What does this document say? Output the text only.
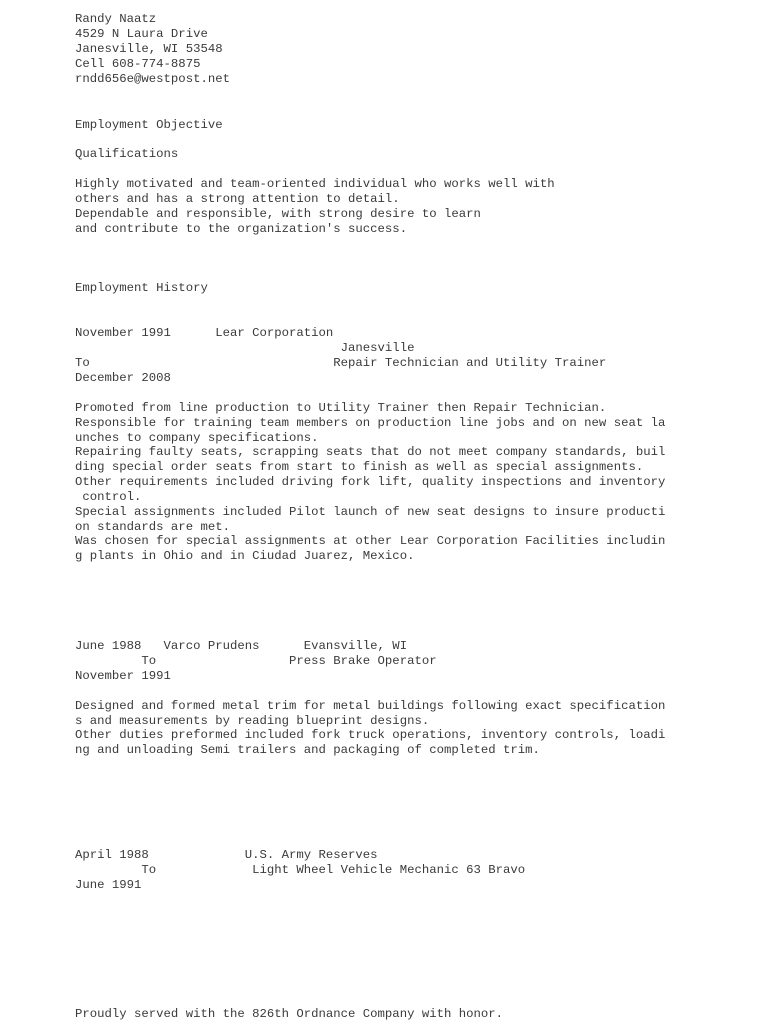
Randy Naatz

4529 N Laura Drive

Janesville, WI 53548

Cell 608-774-8875

rndd656e@westpost.net

Employment Objective

Qualifications

Highly motivated and team-oriented individual who works well with

others and has a strong attention to detail.

Dependable and responsible, with strong desire to learn

and contribute to the organization's success.

Employment History

November 1991      Lear Corporation

Janesville

To                                 Repair Technician and Utility Trainer

December 2008

Promoted from line production to Utility Trainer then Repair Technician.

Responsible for training team members on production line jobs and on new seat la

unches to company specifications.

Repairing faulty seats, scrapping seats that do not meet company standards, buil

ding special order seats from start to finish as well as special assignments.

Other requirements included driving fork lift, quality inspections and inventory

control.

Special assignments included Pilot launch of new seat designs to insure producti

on standards are met.

Was chosen for special assignments at other Lear Corporation Facilities includin

g plants in Ohio and in Ciudad Juarez, Mexico.

June 1988   Varco Prudens      Evansville, WI

To                  Press Brake Operator

November 1991

Designed and formed metal trim for metal buildings following exact specification

s and measurements by reading blueprint designs.

Other duties preformed included fork truck operations, inventory controls, loadi

ng and unloading Semi trailers and packaging of completed trim.

April 1988             U.S. Army Reserves

To             Light Wheel Vehicle Mechanic 63 Bravo

June 1991

Proudly served with the 826th Ordnance Company with honor.
